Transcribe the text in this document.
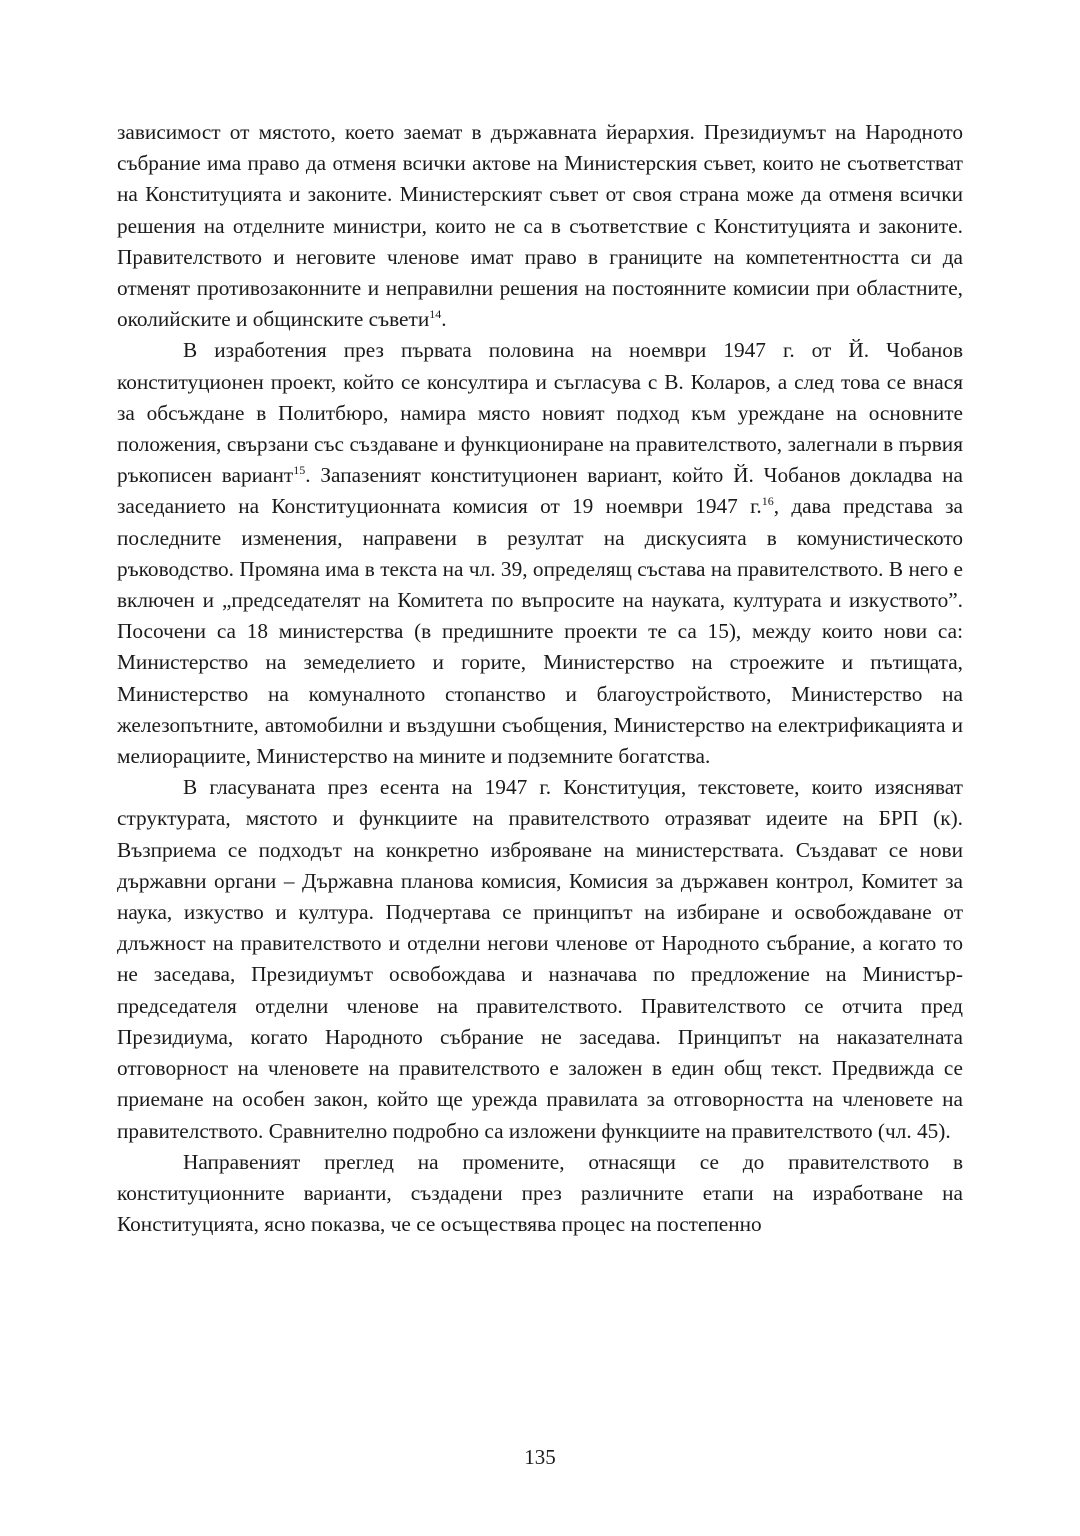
зависимост от мястото, което заемат в държавната йерархия. Президиумът на Народното събрание има право да отменя всички актове на Министерския съвет, които не съответстват на Конституцията и законите. Министерският съвет от своя страна може да отменя всички решения на отделните министри, които не са в съответствие с Конституцията и законите. Правителството и неговите членове имат право в границите на компетентността си да отменят противозаконните и неправилни решения на постоянните комисии при областните, околийските и общинските съвети$^{14}$.

В изработения през първата половина на ноември 1947 г. от Й. Чобанов конституционен проект, който се консултира и съгласува с В. Коларов, а след това се внася за обсъждане в Политбюро, намира място новият подход към уреждане на основните положения, свързани със създаване и функциониране на правителството, залегнали в първия ръкописен вариант$^{15}$. Запазеният конституционен вариант, който Й. Чобанов докладва на заседанието на Конституционната комисия от 19 ноември 1947 г.$^{16}$, дава представа за последните изменения, направени в резултат на дискусията в комунистическото ръководство. Промяна има в текста на чл. 39, определящ състава на правителството. В него е включен и „председателят на Комитета по въпросите на науката, културата и изкуството”. Посочени са 18 министерства (в предишните проекти те са 15), между които нови са: Министерство на земеделието и горите, Министерство на строежите и пътищата, Министерство на комуналното стопанство и благоустройството, Министерство на железопътните, автомобилни и въздушни съобщения, Министерство на електрификацията и мелиорациите, Министерство на мините и подземните богатства.

В гласуваната през есента на 1947 г. Конституция, текстовете, които изясняват структурата, мястото и функциите на правителството отразяват идеите на БРП (к). Възприема се подходът на конкретно изброяване на министерствата. Създават се нови държавни органи – Държавна планова комисия, Комисия за държавен контрол, Комитет за наука, изкуство и култура. Подчертава се принципът на избиране и освобождаване от длъжност на правителството и отделни негови членове от Народното събрание, а когато то не заседава, Президиумът освобождава и назначава по предложение на Министър-председателя отделни членове на правителството. Правителството се отчита пред Президиума, когато Народното събрание не заседава. Принципът на наказателната отговорност на членовете на правителството е заложен в един общ текст. Предвижда се приемане на особен закон, който ще урежда правилата за отговорността на членовете на правителството. Сравнително подробно са изложени функциите на правителството (чл. 45).

Направеният преглед на промените, отнасящи се до правителството в конституционните варианти, създадени през различните етапи на изработване на Конституцията, ясно показва, че се осъществява процес на постепенно

135
